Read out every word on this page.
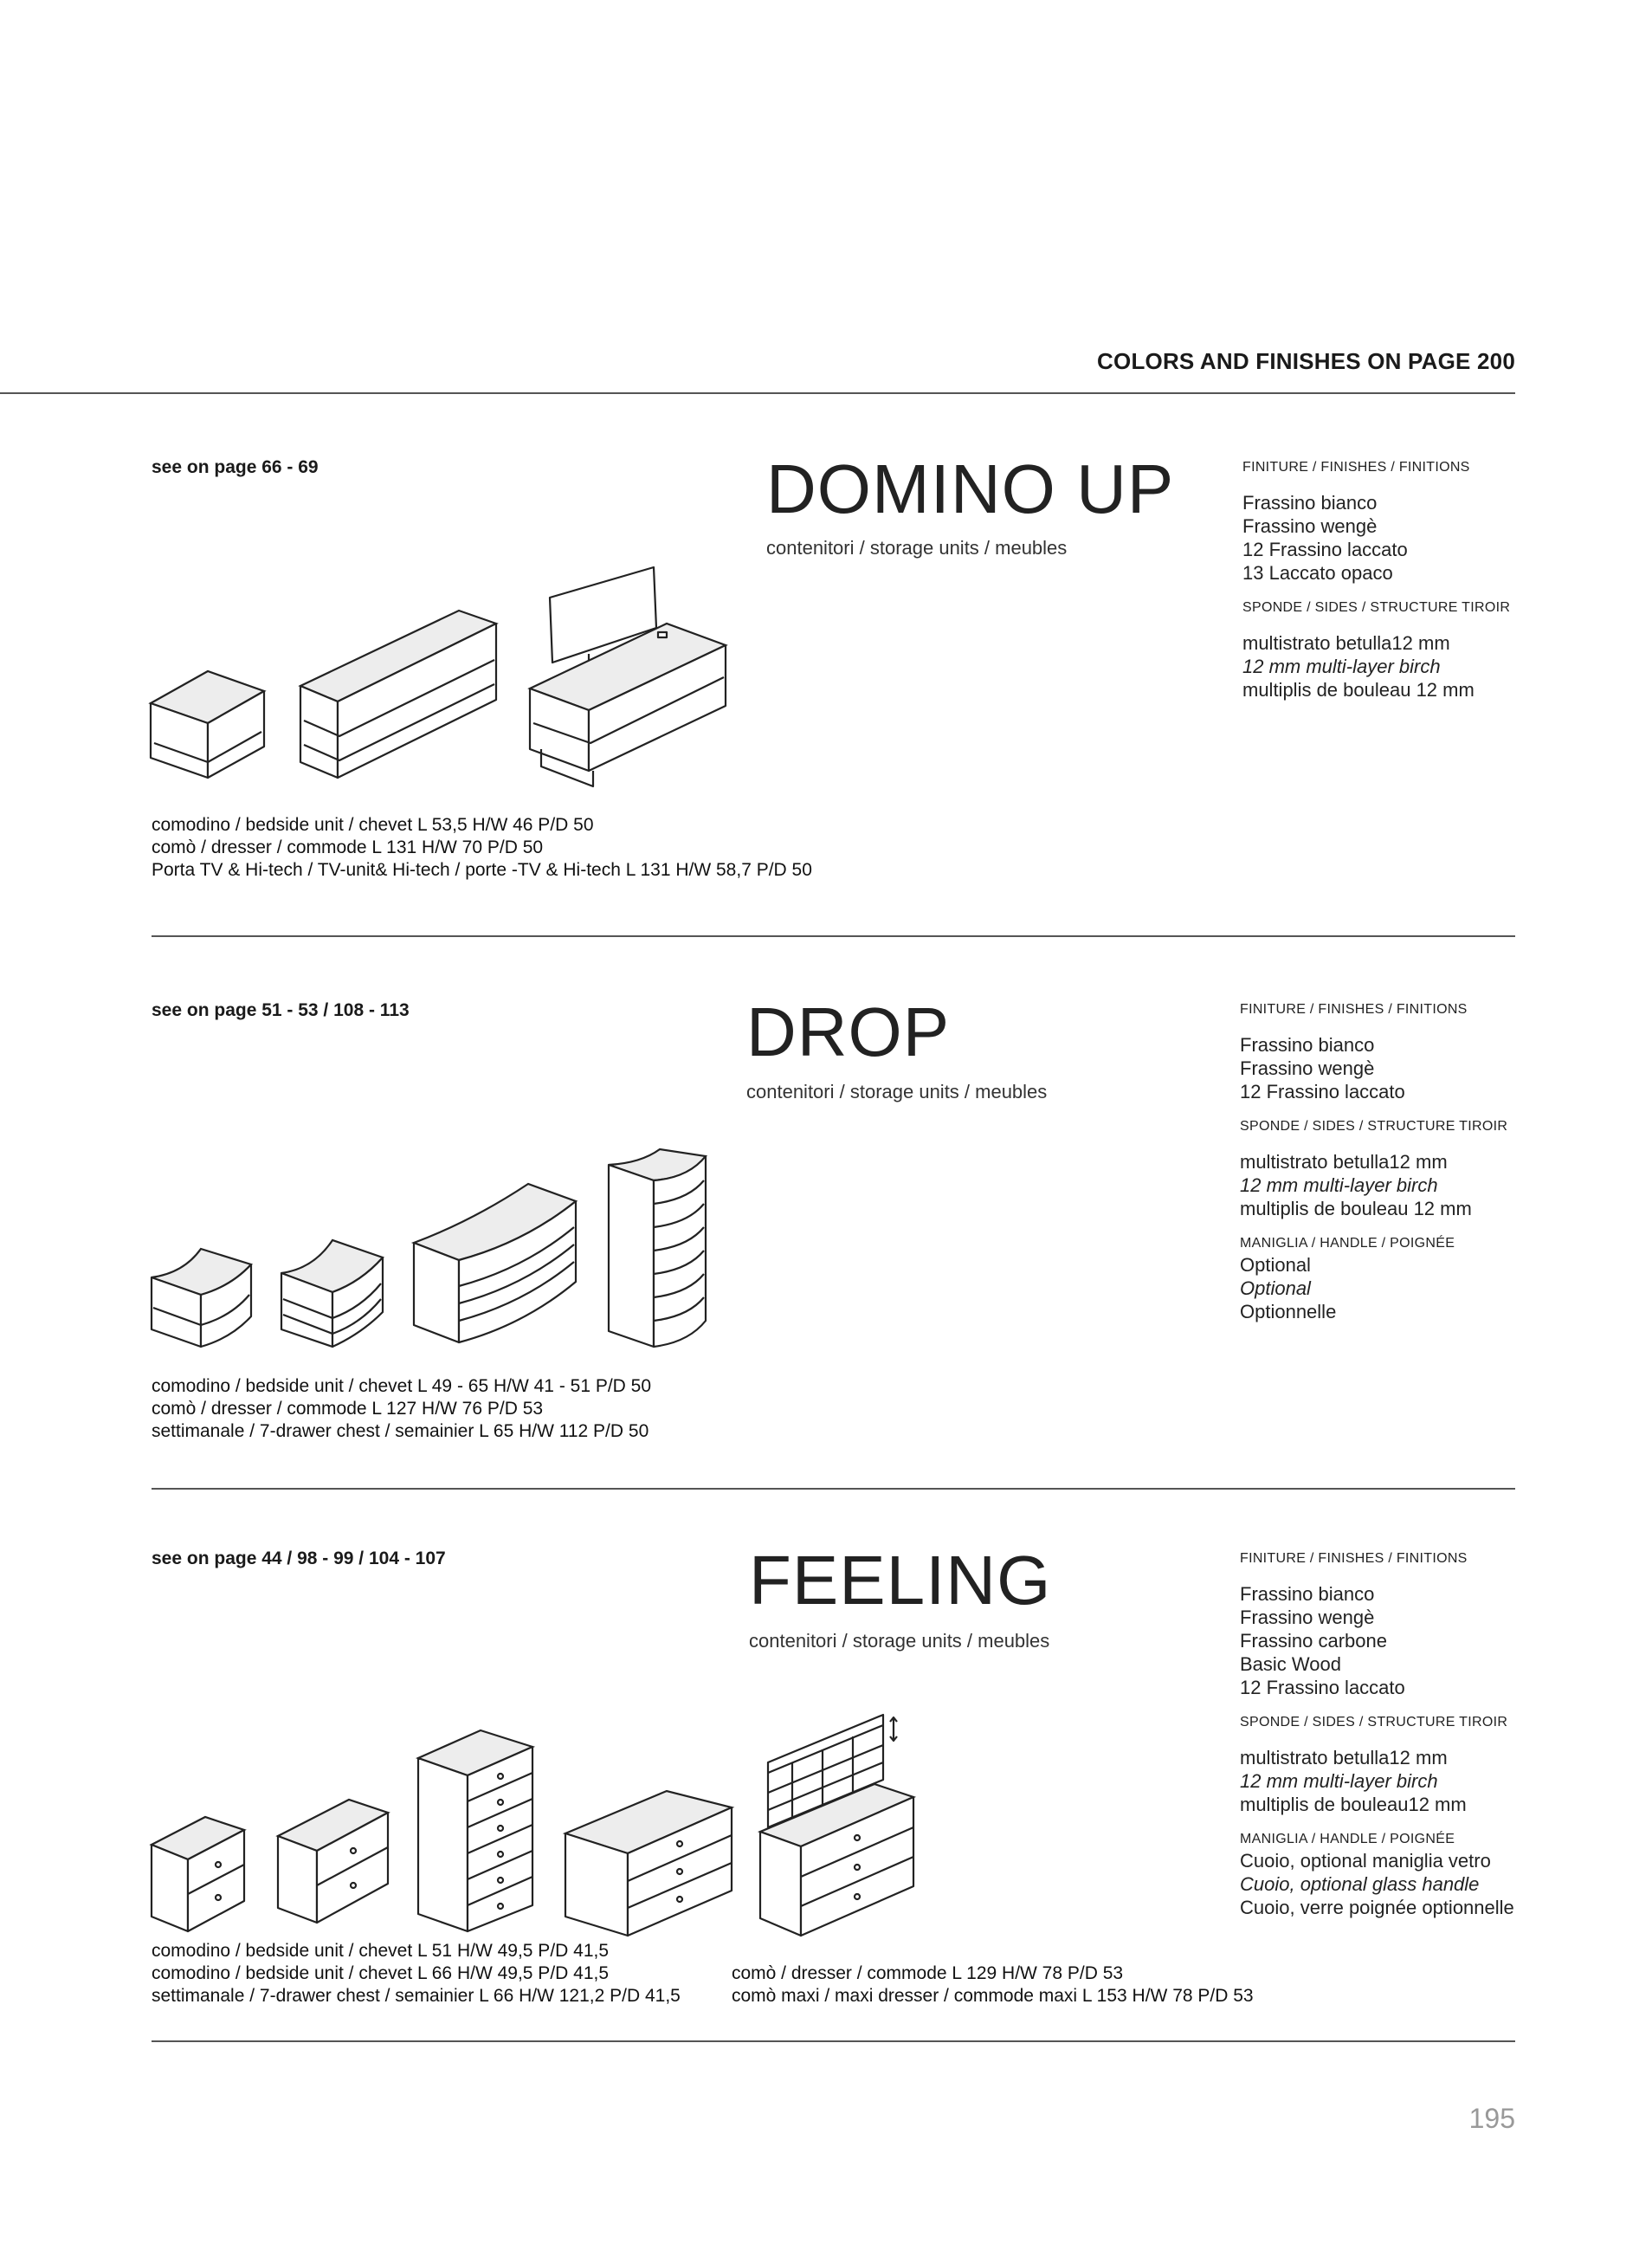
COLORS AND FINISHES ON PAGE 200
see on page 66 - 69	DOMINO UP
contenitori / storage units / meubles
FINITURE / FINISHES / FINITIONS
Frassino bianco
Frassino wengè
12 Frassino laccato
13 Laccato opaco
SPONDE / SIDES / STRUCTURE TIROIR
multistrato betulla12 mm
12 mm multi-layer birch
multiplis de bouleau 12 mm
comodino / bedside unit / chevet L 53,5 H/W 46 P/D 50
comò / dresser / commode L 131 H/W 70 P/D 50
Porta TV & Hi-tech / TV-unit& Hi-tech / porte -TV & Hi-tech L 131 H/W 58,7 P/D 50
see on page 51 - 53 / 108 - 113	DROP
contenitori / storage units / meubles
FINITURE / FINISHES / FINITIONS
Frassino bianco
Frassino wengè
12 Frassino laccato
SPONDE / SIDES / STRUCTURE TIROIR
multistrato betulla12 mm
12 mm multi-layer birch
multiplis de bouleau 12 mm
MANIGLIA / HANDLE / POIGNÉE
Optional
Optional
Optionnelle
comodino / bedside unit / chevet L 49 - 65 H/W 41 - 51 P/D 50
comò / dresser / commode L 127 H/W 76 P/D 53
settimanale / 7-drawer chest / semainier L 65 H/W 112 P/D 50
see on page 44 / 98 - 99 / 104 - 107	FEELING
contenitori / storage units / meubles
FINITURE / FINISHES / FINITIONS
Frassino bianco
Frassino wengè
Frassino carbone
Basic Wood
12 Frassino laccato
SPONDE / SIDES / STRUCTURE TIROIR
multistrato betulla12 mm
12 mm multi-layer birch
multiplis de bouleau12 mm
MANIGLIA / HANDLE / POIGNÉE
Cuoio, optional maniglia vetro
Cuoio, optional glass handle
Cuoio, verre poignée optionnelle
comodino / bedside unit / chevet L 51 H/W 49,5 P/D 41,5
comodino / bedside unit / chevet L 66 H/W 49,5 P/D 41,5
settimanale / 7-drawer chest / semainier L 66 H/W 121,2 P/D 41,5
comò / dresser / commode L 129 H/W 78 P/D 53
comò maxi / maxi dresser / commode maxi L 153 H/W 78 P/D 53
195
